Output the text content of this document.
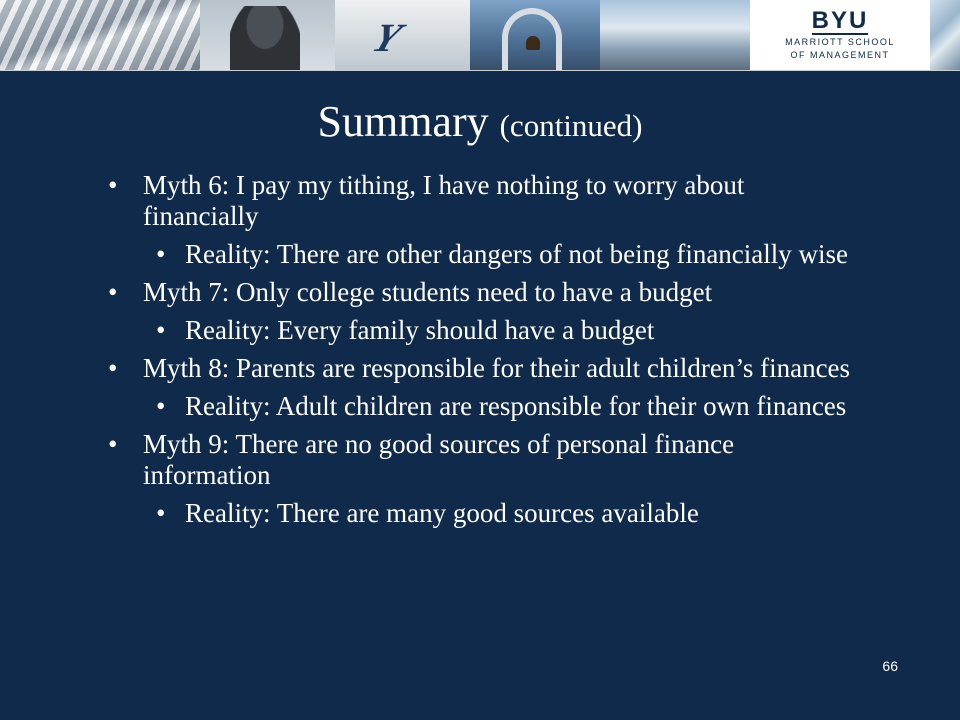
Y	BYU
MARRIOTT SCHOOL
OF MANAGEMENT
Summary (continued)
• Myth 6: I pay my tithing, I have nothing to worry about financially
• Reality: There are other dangers of not being financially wise
• Myth 7: Only college students need to have a budget
• Reality: Every family should have a budget
• Myth 8: Parents are responsible for their adult children’s finances
• Reality: Adult children are responsible for their own finances
• Myth 9: There are no good sources of personal finance information
• Reality: There are many good sources available
66
